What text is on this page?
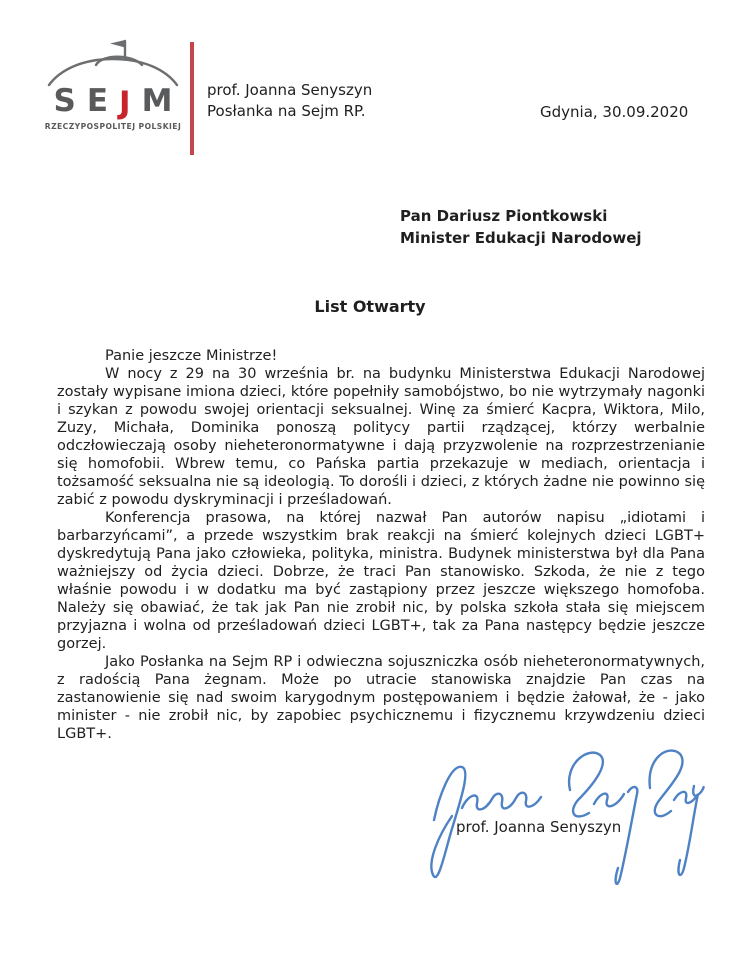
S E J M
RZECZYPOSPOLITEJ POLSKIEJ
prof. Joanna Senyszyn
Posłanka na Sejm RP.	Gdynia, 30.09.2020
Pan Dariusz Piontkowski
Minister Edukacji Narodowej
List Otwarty

Panie jeszcze Ministrze!

W nocy z 29 na 30 września br. na budynku Ministerstwa Edukacji Narodowej zostały wypisane imiona dzieci, które popełniły samobójstwo, bo nie wytrzymały nagonki i szykan z powodu swojej orientacji seksualnej. Winę za śmierć Kacpra, Wiktora, Milo, Zuzy, Michała, Dominika ponoszą politycy partii rządzącej, którzy werbalnie odczłowieczają osoby nieheteronormatywne i dają przyzwolenie na rozprzestrzenianie się homofobii. Wbrew temu, co Pańska partia przekazuje w mediach, orientacja i tożsamość seksualna nie są ideologią. To dorośli i dzieci, z których żadne nie powinno się zabić z powodu dyskryminacji i prześladowań.

Konferencja prasowa, na której nazwał Pan autorów napisu „idiotami i barbarzyńcami”, a przede wszystkim brak reakcji na śmierć kolejnych dzieci LGBT+ dyskredytują Pana jako człowieka, polityka, ministra. Budynek ministerstwa był dla Pana ważniejszy od życia dzieci. Dobrze, że traci Pan stanowisko. Szkoda, że nie z tego właśnie powodu i w dodatku ma być zastąpiony przez jeszcze większego homofoba. Należy się obawiać, że tak jak Pan nie zrobił nic, by polska szkoła stała się miejscem przyjazna i wolna od prześladowań dzieci LGBT+, tak za Pana następcy będzie jeszcze gorzej.

Jako Posłanka na Sejm RP i odwieczna sojuszniczka osób nieheteronormatywnych, z radością Pana żegnam. Może po utracie stanowiska znajdzie Pan czas na zastanowienie się nad swoim karygodnym postępowaniem i będzie żałował, że - jako minister - nie zrobił nic, by zapobiec psychicznemu i fizycznemu krzywdzeniu dzieci LGBT+.

prof. Joanna Senyszyn
